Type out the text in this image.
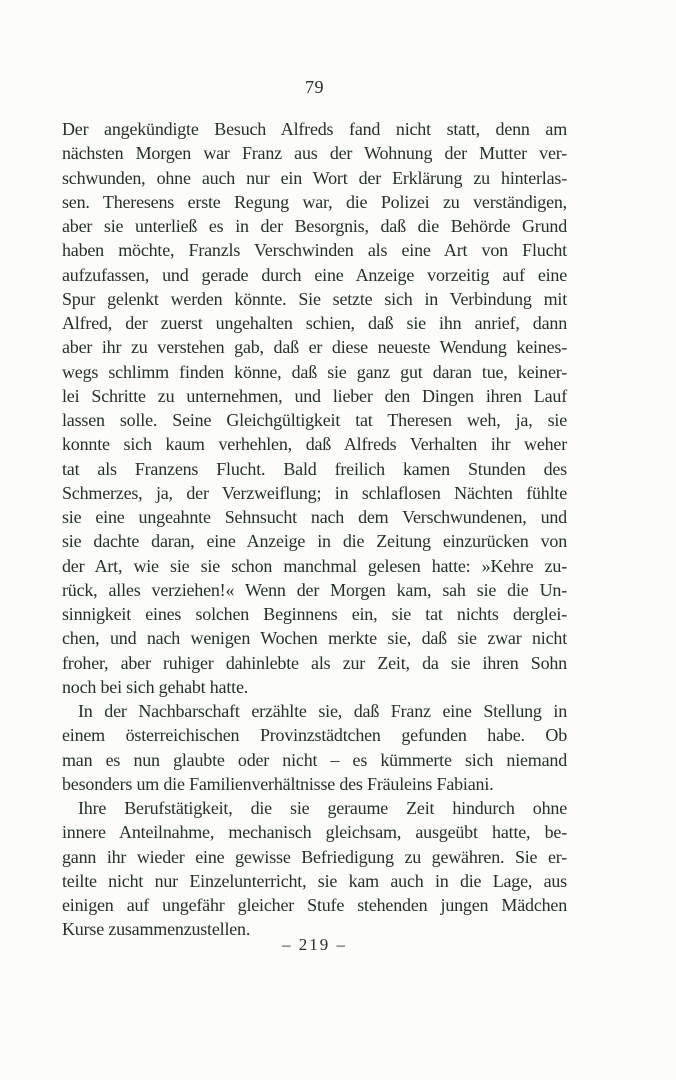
79
Der angekündigte Besuch Alfreds fand nicht statt, denn am
nächsten Morgen war Franz aus der Wohnung der Mutter ver-
schwunden, ohne auch nur ein Wort der Erklärung zu hinterlas-
sen. Theresens erste Regung war, die Polizei zu verständigen,
aber sie unterließ es in der Besorgnis, daß die Behörde Grund
haben möchte, Franzls Verschwinden als eine Art von Flucht
aufzufassen, und gerade durch eine Anzeige vorzeitig auf eine
Spur gelenkt werden könnte. Sie setzte sich in Verbindung mit
Alfred, der zuerst ungehalten schien, daß sie ihn anrief, dann
aber ihr zu verstehen gab, daß er diese neueste Wendung keines-
wegs schlimm finden könne, daß sie ganz gut daran tue, keiner-
lei Schritte zu unternehmen, und lieber den Dingen ihren Lauf
lassen solle. Seine Gleichgültigkeit tat Theresen weh, ja, sie
konnte sich kaum verhehlen, daß Alfreds Verhalten ihr weher
tat als Franzens Flucht. Bald freilich kamen Stunden des
Schmerzes, ja, der Verzweiflung; in schlaflosen Nächten fühlte
sie eine ungeahnte Sehnsucht nach dem Verschwundenen, und
sie dachte daran, eine Anzeige in die Zeitung einzurücken von
der Art, wie sie sie schon manchmal gelesen hatte: »Kehre zu-
rück, alles verziehen!« Wenn der Morgen kam, sah sie die Un-
sinnigkeit eines solchen Beginnens ein, sie tat nichts derglei-
chen, und nach wenigen Wochen merkte sie, daß sie zwar nicht
froher, aber ruhiger dahinlebte als zur Zeit, da sie ihren Sohn
noch bei sich gehabt hatte.
In der Nachbarschaft erzählte sie, daß Franz eine Stellung in
einem österreichischen Provinzstädtchen gefunden habe. Ob
man es nun glaubte oder nicht – es kümmerte sich niemand
besonders um die Familienverhältnisse des Fräuleins Fabiani.
Ihre Berufstätigkeit, die sie geraume Zeit hindurch ohne
innere Anteilnahme, mechanisch gleichsam, ausgeübt hatte, be-
gann ihr wieder eine gewisse Befriedigung zu gewähren. Sie er-
teilte nicht nur Einzelunterricht, sie kam auch in die Lage, aus
einigen auf ungefähr gleicher Stufe stehenden jungen Mädchen
Kurse zusammenzustellen.
– 219 –
